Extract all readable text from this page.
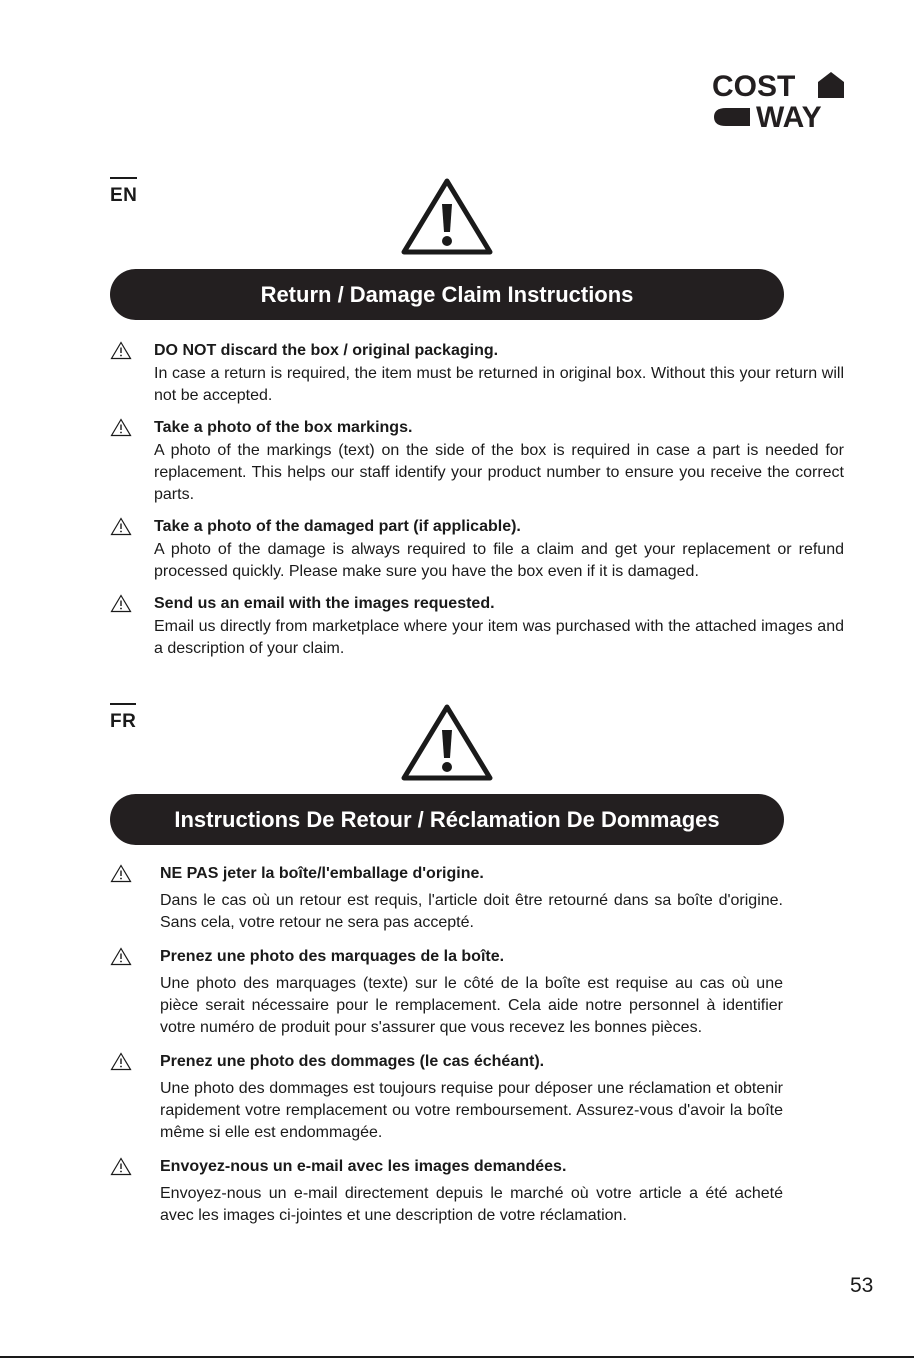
COST
WAY
EN
Return / Damage Claim Instructions
DO NOT discard the box / original packaging.
In case a return is required, the item must be returned in original box. Without this your return will not be accepted.
Take a photo of the box markings.
A photo of the markings (text) on the side of the box is required in case a part is needed for replacement. This helps our staff identify your product number to ensure you receive the correct parts.
Take a photo of the damaged part (if applicable).
A photo of the damage is always required to file a claim and get your replacement or refund processed quickly. Please make sure you have the box even if it is damaged.
Send us an email with the images requested.
Email us directly from marketplace where your item was purchased with the attached images and a description of your claim.
FR
Instructions De Retour / Réclamation De Dommages
NE PAS jeter la boîte/l'emballage d'origine.
Dans le cas où un retour est requis, l'article doit être retourné dans sa boîte d'origine. Sans cela, votre retour ne sera pas accepté.
Prenez une photo des marquages de la boîte.
Une photo des marquages (texte) sur le côté de la boîte est requise au cas où une pièce serait nécessaire pour le remplacement. Cela aide notre personnel à identifier votre numéro de produit pour s'assurer que vous recevez les bonnes pièces.
Prenez une photo des dommages (le cas échéant).
Une photo des dommages est toujours requise pour déposer une réclamation et obtenir rapidement votre remplacement ou votre remboursement. Assurez-vous d'avoir la boîte même si elle est endommagée.
Envoyez-nous un e-mail avec les images demandées.
Envoyez-nous un e-mail directement depuis le marché où votre article a été acheté avec les images ci-jointes et une description de votre réclamation.
53
